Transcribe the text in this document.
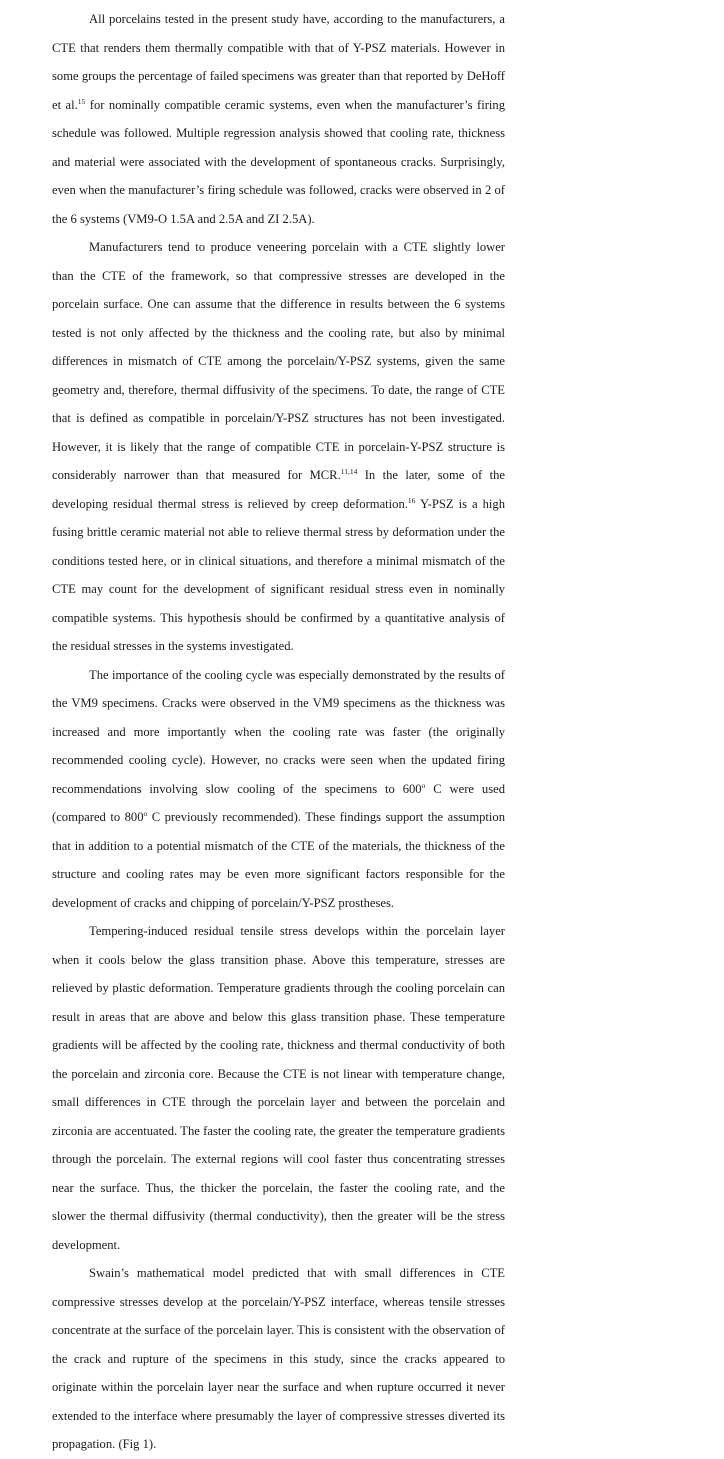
All porcelains tested in the present study have, according to the manufacturers, a CTE that renders them thermally compatible with that of Y-PSZ materials. However in some groups the percentage of failed specimens was greater than that reported by DeHoff et al.$^{15}$ for nominally compatible ceramic systems, even when the manufacturer’s firing schedule was followed. Multiple regression analysis showed that cooling rate, thickness and material were associated with the development of spontaneous cracks. Surprisingly, even when the manufacturer’s firing schedule was followed, cracks were observed in 2 of the 6 systems (VM9-O 1.5A and 2.5A and ZI 2.5A).

Manufacturers tend to produce veneering porcelain with a CTE slightly lower than the CTE of the framework, so that compressive stresses are developed in the porcelain surface. One can assume that the difference in results between the 6 systems tested is not only affected by the thickness and the cooling rate, but also by minimal differences in mismatch of CTE among the porcelain/Y-PSZ systems, given the same geometry and, therefore, thermal diffusivity of the specimens. To date, the range of CTE that is defined as compatible in porcelain/Y-PSZ structures has not been investigated. However, it is likely that the range of compatible CTE in porcelain-Y-PSZ structure is considerably narrower than that measured for MCR.$^{11,14}$ In the later, some of the developing residual thermal stress is relieved by creep deformation.$^{16}$ Y-PSZ is a high fusing brittle ceramic material not able to relieve thermal stress by deformation under the conditions tested here, or in clinical situations, and therefore a minimal mismatch of the CTE may count for the development of significant residual stress even in nominally compatible systems. This hypothesis should be confirmed by a quantitative analysis of the residual stresses in the systems investigated.

The importance of the cooling cycle was especially demonstrated by the results of the VM9 specimens. Cracks were observed in the VM9 specimens as the thickness was increased and more importantly when the cooling rate was faster (the originally recommended cooling cycle). However, no cracks were seen when the updated firing recommendations involving slow cooling of the specimens to 600$^o$ C were used (compared to 800$^o$ C previously recommended). These findings support the assumption that in addition to a potential mismatch of the CTE of the materials, the thickness of the structure and cooling rates may be even more significant factors responsible for the development of cracks and chipping of porcelain/Y-PSZ prostheses.

Tempering-induced residual tensile stress develops within the porcelain layer when it cools below the glass transition phase. Above this temperature, stresses are relieved by plastic deformation. Temperature gradients through the cooling porcelain can result in areas that are above and below this glass transition phase. These temperature gradients will be affected by the cooling rate, thickness and thermal conductivity of both the porcelain and zirconia core. Because the CTE is not linear with temperature change, small differences in CTE through the porcelain layer and between the porcelain and zirconia are accentuated. The faster the cooling rate, the greater the temperature gradients through the porcelain. The external regions will cool faster thus concentrating stresses near the surface. Thus, the thicker the porcelain, the faster the cooling rate, and the slower the thermal diffusivity (thermal conductivity), then the greater will be the stress development.

Swain’s mathematical model predicted that with small differences in CTE compressive stresses develop at the porcelain/Y-PSZ interface, whereas tensile stresses concentrate at the surface of the porcelain layer. This is consistent with the observation of the crack and rupture of the specimens in this study, since the cracks appeared to originate within the porcelain layer near the surface and when rupture occurred it never extended to the interface where presumably the layer of compressive stresses diverted its propagation. (Fig 1).
